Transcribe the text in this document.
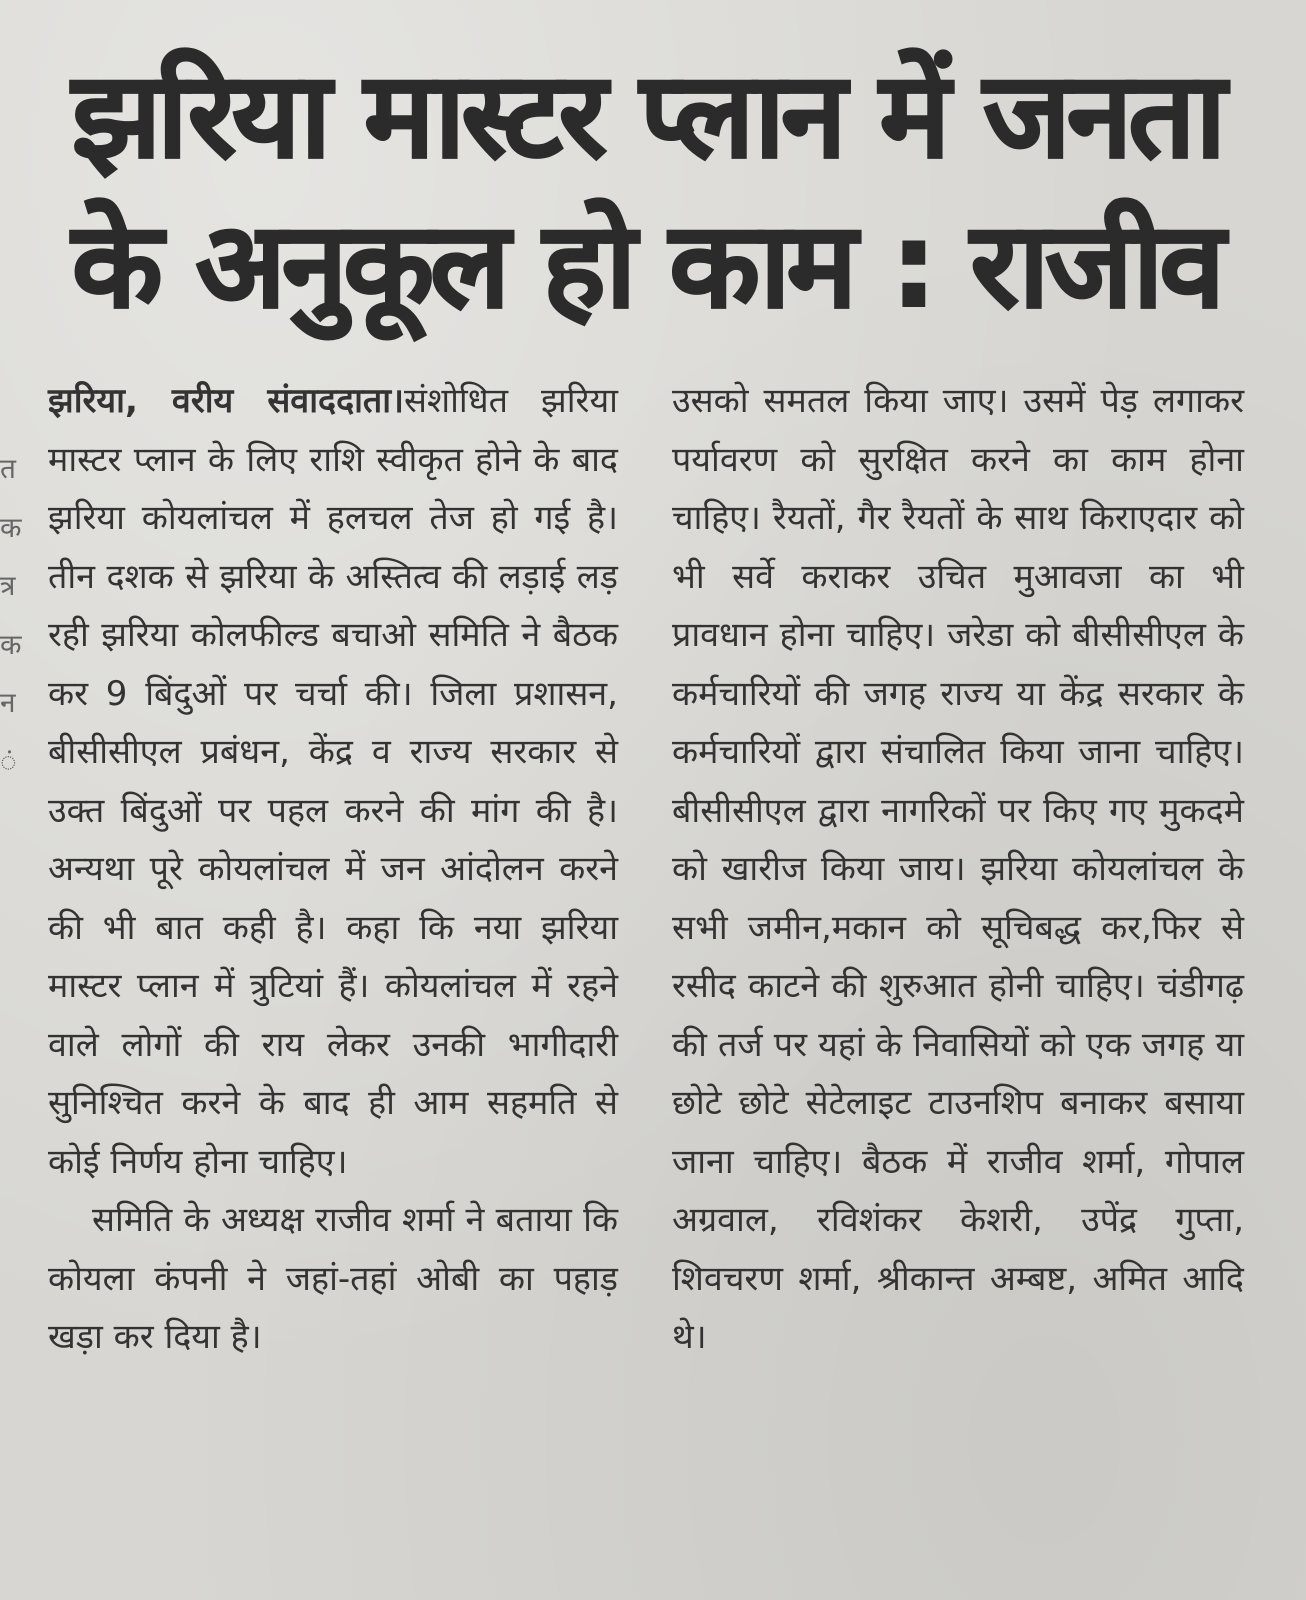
त
क
त्र
क
न
ं
झरिया मास्टर प्लान में जनता
के अनुकूल हो काम : राजीव

झरिया, वरीय संवाददाता।संशोधित झरिया मास्टर प्लान के लिए राशि स्वीकृत होने के बाद झरिया कोयलांचल में हलचल तेज हो गई है। तीन दशक से झरिया के अस्तित्व की लड़ाई लड़ रही झरिया कोलफील्ड बचाओ समिति ने बैठक कर 9 बिंदुओं पर चर्चा की। जिला प्रशासन, बीसीसीएल प्रबंधन, केंद्र व राज्य सरकार से उक्त बिंदुओं पर पहल करने की मांग की है। अन्यथा पूरे कोयलांचल में जन आंदोलन करने की भी बात कही है। कहा कि नया झरिया मास्टर प्लान में त्रुटियां हैं। कोयलांचल में रहने वाले लोगों की राय लेकर उनकी भागीदारी सुनिश्चित करने के बाद ही आम सहमति से कोई निर्णय होना चाहिए।

समिति के अध्यक्ष राजीव शर्मा ने बताया कि कोयला कंपनी ने जहां-तहां ओबी का पहाड़ खड़ा कर दिया है।

उसको समतल किया जाए। उसमें पेड़ लगाकर पर्यावरण को सुरक्षित करने का काम होना चाहिए। रैयतों, गैर रैयतों के साथ किराएदार को भी सर्वे कराकर उचित मुआवजा का भी प्रावधान होना चाहिए। जरेडा को बीसीसीएल के कर्मचारियों की जगह राज्य या केंद्र सरकार के कर्मचारियों द्वारा संचालित किया जाना चाहिए। बीसीसीएल द्वारा नागरिकों पर किए गए मुकदमे को खारीज किया जाय। झरिया कोयलांचल के सभी जमीन,मकान को सूचिबद्ध कर,फिर से रसीद काटने की शुरुआत होनी चाहिए। चंडीगढ़ की तर्ज पर यहां के निवासियों को एक जगह या छोटे छोटे सेटेलाइट टाउनशिप बनाकर बसाया जाना चाहिए। बैठक में राजीव शर्मा, गोपाल अग्रवाल, रविशंकर केशरी, उपेंद्र गुप्ता, शिवचरण शर्मा, श्रीकान्त अम्बष्ट, अमित आदि थे।
